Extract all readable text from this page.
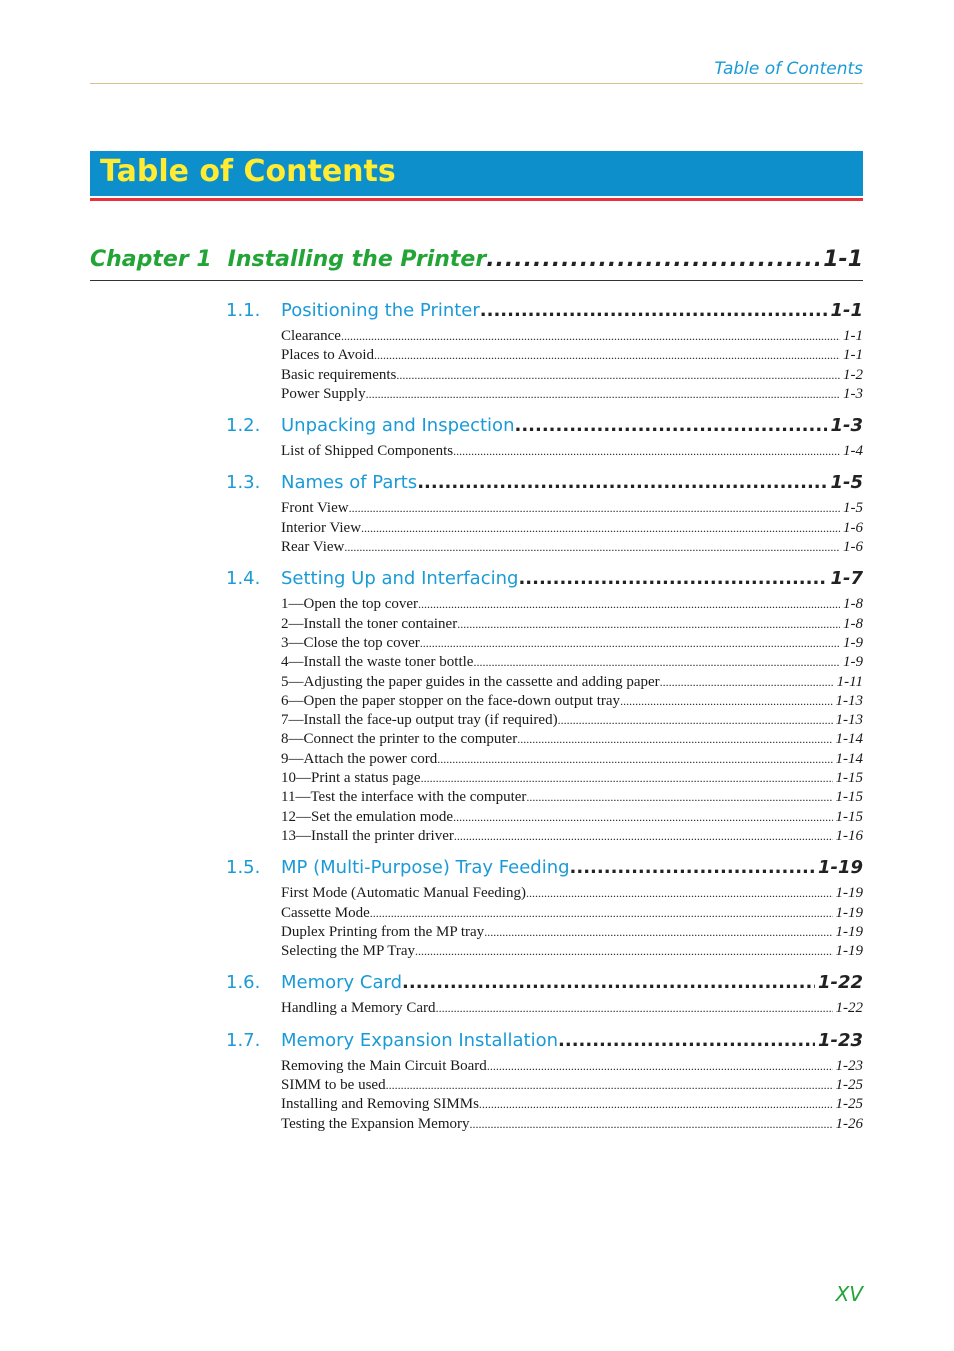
Table of Contents
Table of Contents
Chapter 1 Installing the Printer .....	1-1
1.1.	Positioning the Printer .....	1-1
Clearance .....	1-1
Places to Avoid .....	1-1
Basic requirements .....	1-2
Power Supply .....	1-3
1.2.	Unpacking and Inspection .....	1-3
List of Shipped Components .....	1-4
1.3.	Names of Parts .....	1-5
Front View .....	1-5
Interior View .....	1-6
Rear View .....	1-6
1.4.	Setting Up and Interfacing .....	1-7
1—Open the top cover .....	1-8
2—Install the toner container .....	1-8
3—Close the top cover .....	1-9
4—Install the waste toner bottle .....	1-9
5—Adjusting the paper guides in the cassette and adding paper .....	1-11
6—Open the paper stopper on the face-down output tray .....	1-13
7—Install the face-up output tray (if required) .....	1-13
8—Connect the printer to the computer .....	1-14
9—Attach the power cord .....	1-14
10—Print a status page .....	1-15
11—Test the interface with the computer .....	1-15
12—Set the emulation mode .....	1-15
13—Install the printer driver .....	1-16
1.5.	MP (Multi-Purpose) Tray Feeding .....	1-19
First Mode (Automatic Manual Feeding) .....	1-19
Cassette Mode .....	1-19
Duplex Printing from the MP tray .....	1-19
Selecting the MP Tray .....	1-19
1.6.	Memory Card .....	1-22
Handling a Memory Card .....	1-22
1.7.	Memory Expansion Installation .....	1-23
Removing the Main Circuit Board .....	1-23
SIMM to be used .....	1-25
Installing and Removing SIMMs .....	1-25
Testing the Expansion Memory .....	1-26
XV
